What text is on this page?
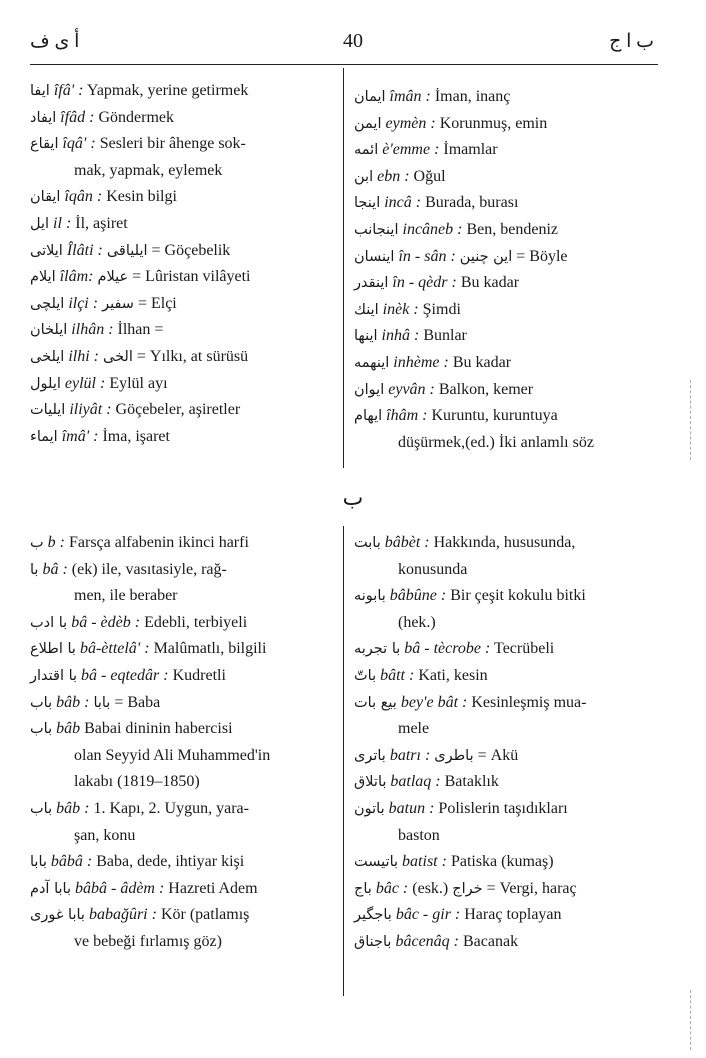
أ ى ف	40	ب ا ج
ب
ايفا îfâ' : Yapmak, yerine getirmek
ايفاد îfâd : Göndermek
ايقاع îqâ' : Sesleri bir âhenge sok-
mak, yapmak, eylemek
ايقان îqân : Kesin bilgi
ايل il : İl, aşiret
ايلاتى Îlâti : ايلياقى = Göçebelik
ايلام îlâm: عيلام = Lûristan vilâyeti
ايلچى ilçi : سفير = Elçi
ايلخان ilhân : İlhan =
ايلخى ilhi : الخى = Yılkı, at sürüsü
ايلول eylül : Eylül ayı
ايليات iliyât : Göçebeler, aşiretler
ايماء îmâ' : İma, işaret
ايمان îmân : İman, inanç
ايمن eymèn : Korunmuş, emin
ائمه è'emme : İmamlar
ابن ebn : Oğul
اينجا incâ : Burada, burası
اينجانب incâneb : Ben, bendeniz
اينسان în - sân : اين چنين = Böyle
اينقدر în - qèdr : Bu kadar
اينك inèk : Şimdi
اينها inhâ : Bunlar
اينهمه inhème : Bu kadar
ايوان eyvân : Balkon, kemer
ايهام îhâm : Kuruntu, kuruntuya
düşürmek,(ed.) İki anlamlı söz
ب b : Farsça alfabenin ikinci harfi
با bâ : (ek) ile, vasıtasiyle, rağ-
men, ile beraber
با ادب bâ - èdèb : Edebli, terbiyeli
با اطلاع bâ-èttelâ' : Malûmatlı, bilgili
با اقتدار bâ - eqtedâr : Kudretli
باب bâb : بابا = Baba
باب bâb Babai dininin habercisi
olan Seyyid Ali Muhammed'in
lakabı (1819–1850)
باب bâb : 1. Kapı, 2. Uygun, yara-
şan, konu
بابا bâbâ : Baba, dede, ihtiyar kişi
بابا آدم bâbâ - âdèm : Hazreti Adem
بابا غورى babağûri : Kör (patlamış
ve bebeği fırlamış göz)
بابت bâbèt : Hakkında, hususunda,
konusunda
بابونه bâbûne : Bir çeşit kokulu bitki
(hek.)
با تجربه bâ - tècrobe : Tecrübeli
باتّ bâtt : Kati, kesin
بيع بات bey'e bât : Kesinleşmiş mua-
mele
باترى batrı : باطرى = Akü
باتلاق batlaq : Bataklık
باتون batun : Polislerin taşıdıkları
baston
باتيست batist : Patiska (kumaş)
باج bâc : (esk.) خراج = Vergi, haraç
باجگير bâc - gir : Haraç toplayan
باجناق bâcenâq : Bacanak
